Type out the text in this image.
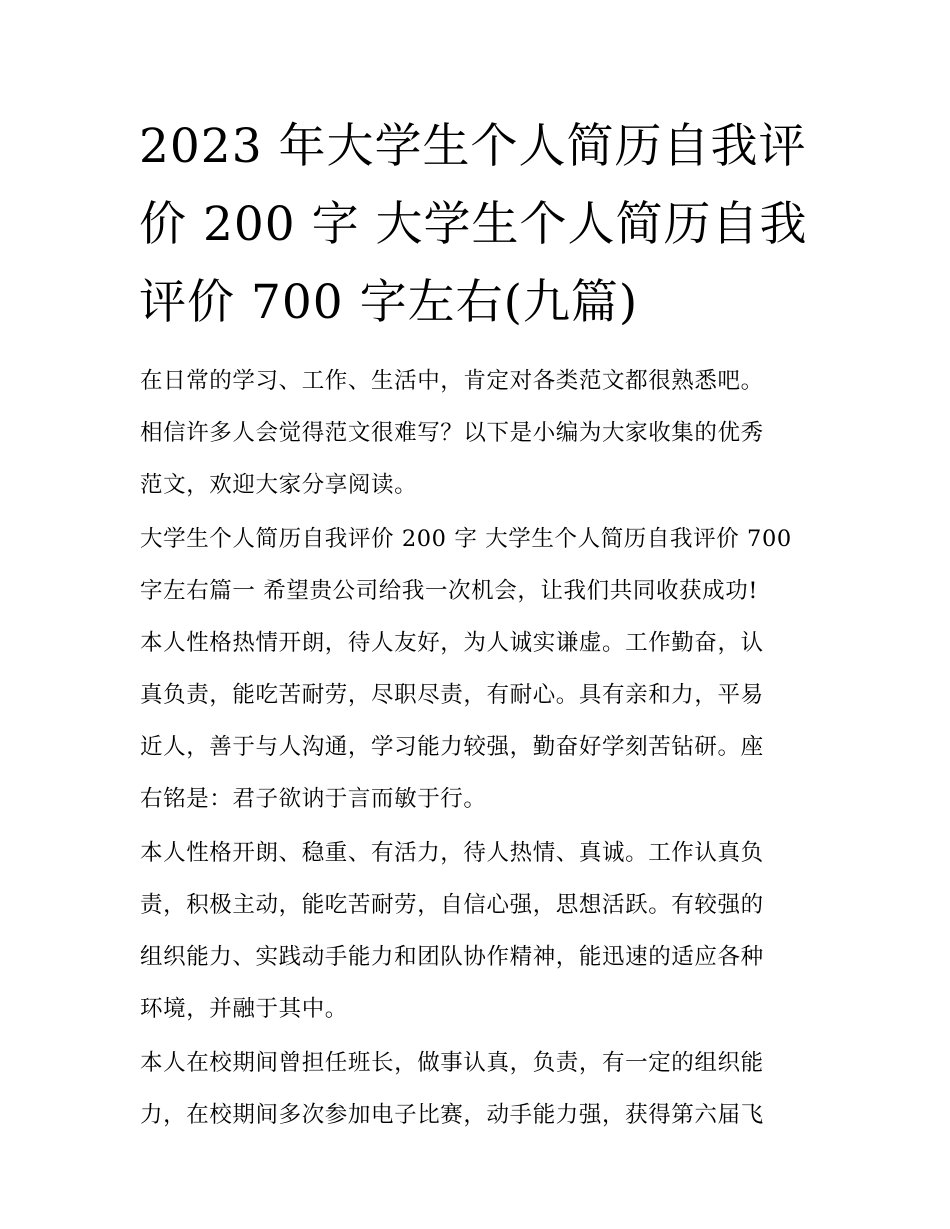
2023 年大学生个人简历自我评
价 200 字 大学生个人简历自我
评价 700 字左右(九篇)
在日常的学习、工作、生活中，肯定对各类范文都很熟悉吧。
相信许多人会觉得范文很难写？以下是小编为大家收集的优秀
范文，欢迎大家分享阅读。
大学生个人简历自我评价 200 字 大学生个人简历自我评价 700
字左右篇一 希望贵公司给我一次机会，让我们共同收获成功!
本人性格热情开朗，待人友好，为人诚实谦虚。工作勤奋，认
真负责，能吃苦耐劳，尽职尽责，有耐心。具有亲和力，平易
近人，善于与人沟通，学习能力较强，勤奋好学刻苦钻研。座
右铭是：君子欲讷于言而敏于行。
本人性格开朗、稳重、有活力，待人热情、真诚。工作认真负
责，积极主动，能吃苦耐劳，自信心强，思想活跃。有较强的
组织能力、实践动手能力和团队协作精神，能迅速的适应各种
环境，并融于其中。
本人在校期间曾担任班长，做事认真，负责，有一定的组织能
力，在校期间多次参加电子比赛，动手能力强，获得第六届飞
